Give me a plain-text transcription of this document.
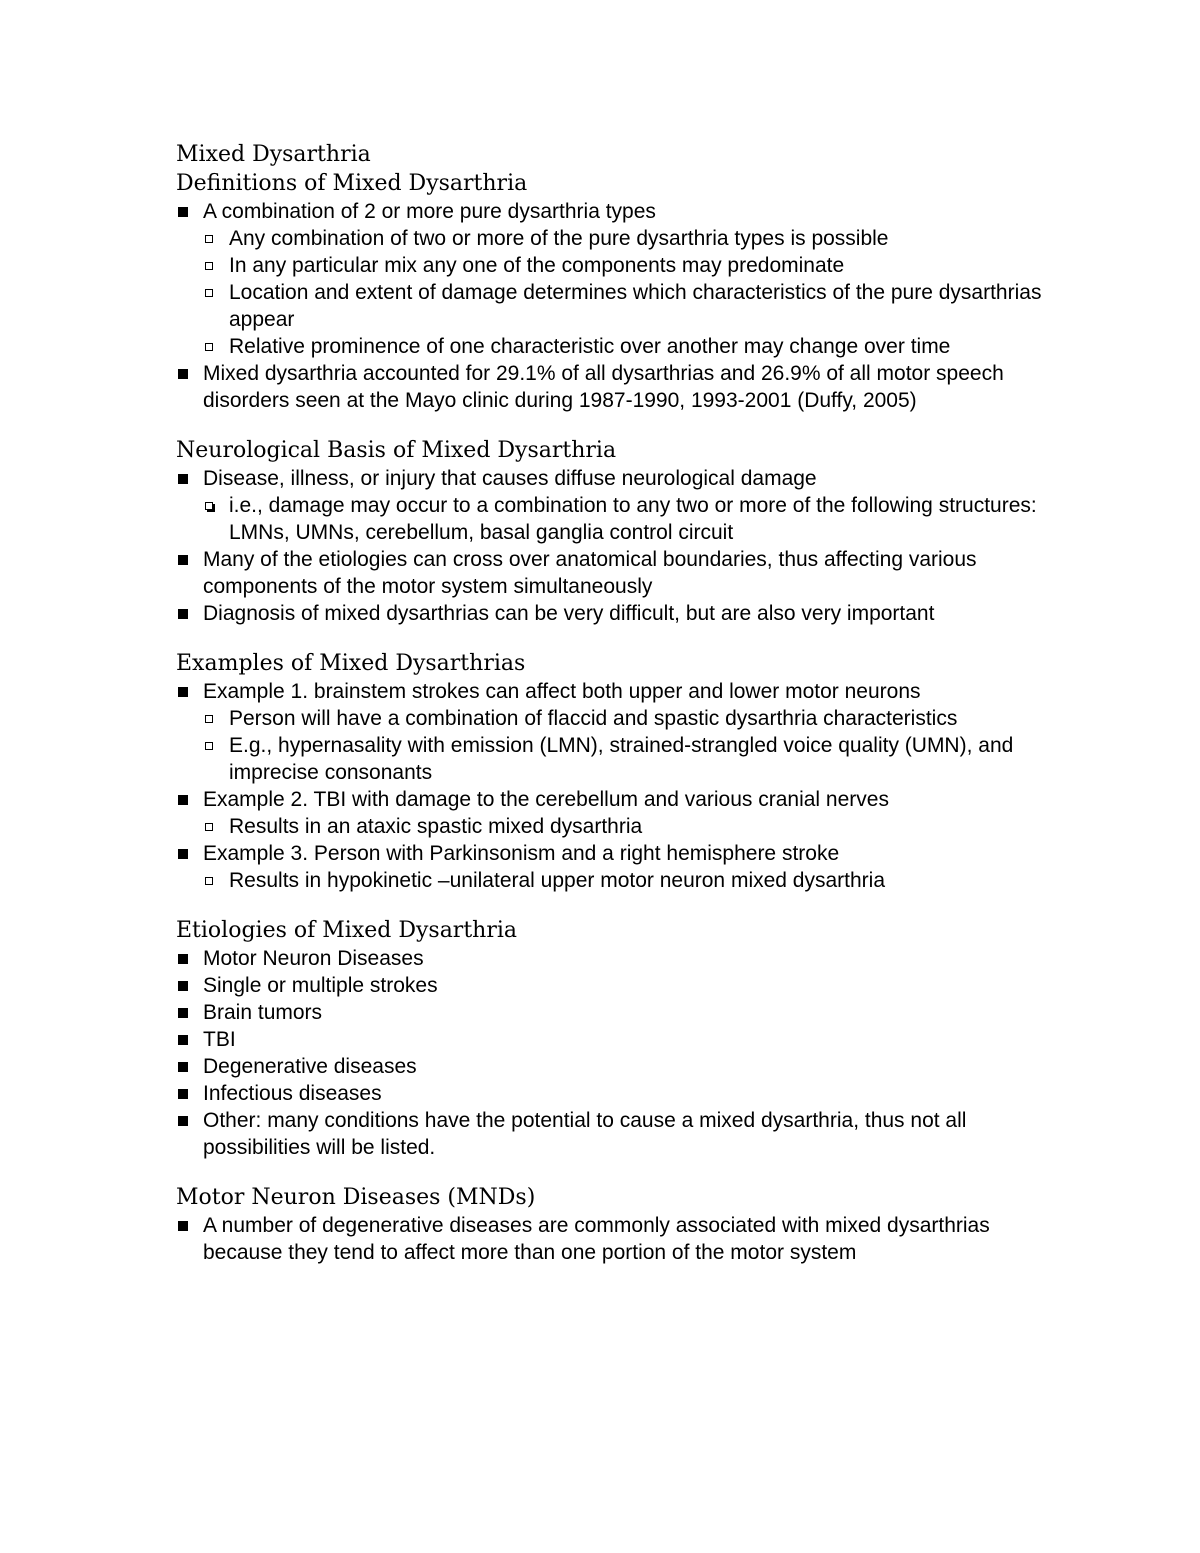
Mixed Dysarthria
Definitions of Mixed Dysarthria
A combination of 2 or more pure dysarthria types
Any combination of two or more of the pure dysarthria types is possible
In any particular mix any one of the components may predominate
Location and extent of damage determines which characteristics of the pure dysarthrias appear
Relative prominence of one characteristic over another may change over time
Mixed dysarthria accounted for 29.1% of all dysarthrias and 26.9% of all motor speech disorders seen at the Mayo clinic during 1987-1990, 1993-2001 (Duffy, 2005)
Neurological Basis of Mixed Dysarthria
Disease, illness, or injury that causes diffuse neurological damage
i.e., damage may occur to a combination to any two or more of the following structures: LMNs, UMNs, cerebellum, basal ganglia control circuit
Many of the etiologies can cross over anatomical boundaries, thus affecting various components of the motor system simultaneously
Diagnosis of mixed dysarthrias can be very difficult, but are also very important
Examples of Mixed Dysarthrias
Example 1. brainstem strokes can affect both upper and lower motor neurons
Person will have a combination of flaccid and spastic dysarthria characteristics
E.g., hypernasality with emission (LMN), strained-strangled voice quality (UMN), and imprecise consonants
Example 2. TBI with damage to the cerebellum and various cranial nerves
Results in an ataxic spastic mixed dysarthria
Example 3. Person with Parkinsonism and a right hemisphere stroke
Results in hypokinetic –unilateral upper motor neuron mixed dysarthria
Etiologies of Mixed Dysarthria
Motor Neuron Diseases
Single or multiple strokes
Brain tumors
TBI
Degenerative diseases
Infectious diseases
Other: many conditions have the potential to cause a mixed dysarthria, thus not all possibilities will be listed.
Motor Neuron Diseases (MNDs)
A number of degenerative diseases are commonly associated with mixed dysarthrias because they tend to affect more than one portion of the motor system
